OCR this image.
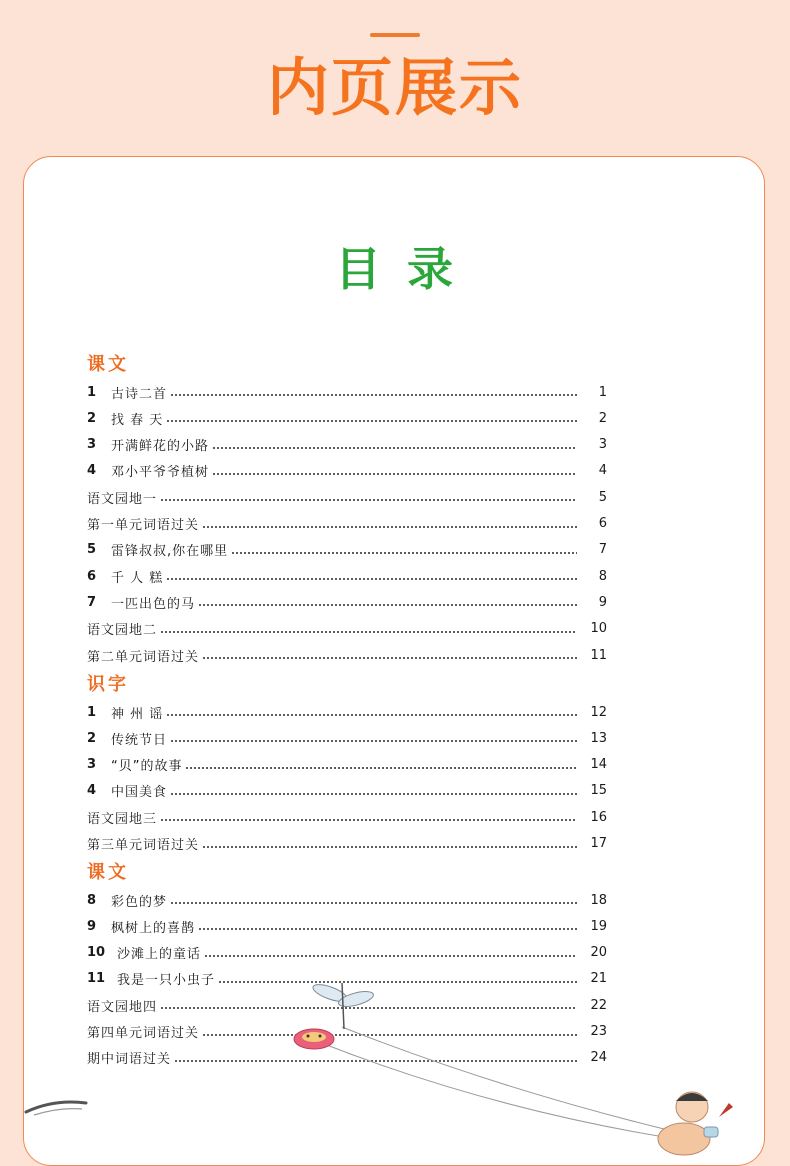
内页展示
目录
课文
1	古诗二首	1
2	找 春 天	2
3	开满鲜花的小路	3
4	邓小平爷爷植树	4
语文园地一	5
第一单元词语过关	6
5	雷锋叔叔,你在哪里	7
6	千 人 糕	8
7	一匹出色的马	9
语文园地二	10
第二单元词语过关	11
识字
1	神 州 谣	12
2	传统节日	13
3	“贝”的故事	14
4	中国美食	15
语文园地三	16
第三单元词语过关	17
课文
8	彩色的梦	18
9	枫树上的喜鹊	19
10 沙滩上的童话	20
11 我是一只小虫子	21
语文园地四	22
第四单元词语过关	23
期中词语过关	24
